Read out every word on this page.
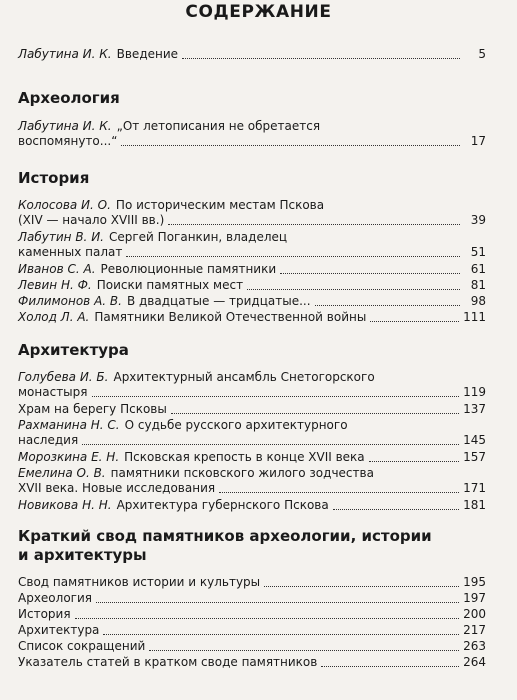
СОДЕРЖАНИЕ
Лабутина И. К. Введение	5
Археология
Лабутина И. К. „От летописания не обретается
воспомянуто...“	17
История
Колосова И. О. По историческим местам Пскова
(XIV — начало XVIII вв.)	39
Лабутин В. И. Сергей Поганкин, владелец
каменных палат	51
Иванов С. А. Революционные памятники	61
Левин Н. Ф. Поиски памятных мест	81
Филимонов А. В. В двадцатые — тридцатые...	98
Холод Л. А. Памятники Великой Отечественной войны	111
Архитектура
Голубева И. Б. Архитектурный ансамбль Снетогорского
монастыря	119
Храм на берегу Псковы	137
Рахманина Н. С. О судьбе русского архитектурного
наследия	145
Морозкина Е. Н. Псковская крепость в конце XVII века	157
Емелина О. В. памятники псковского жилого зодчества
XVII века. Новые исследования	171
Новикова Н. Н. Архитектура губернского Пскова	181
Краткий свод памятников археологии, истории
и архитектуры
Свод памятников истории и культуры	195
Археология	197
История	200
Архитектура	217
Список сокращений	263
Указатель статей в кратком своде памятников	264
